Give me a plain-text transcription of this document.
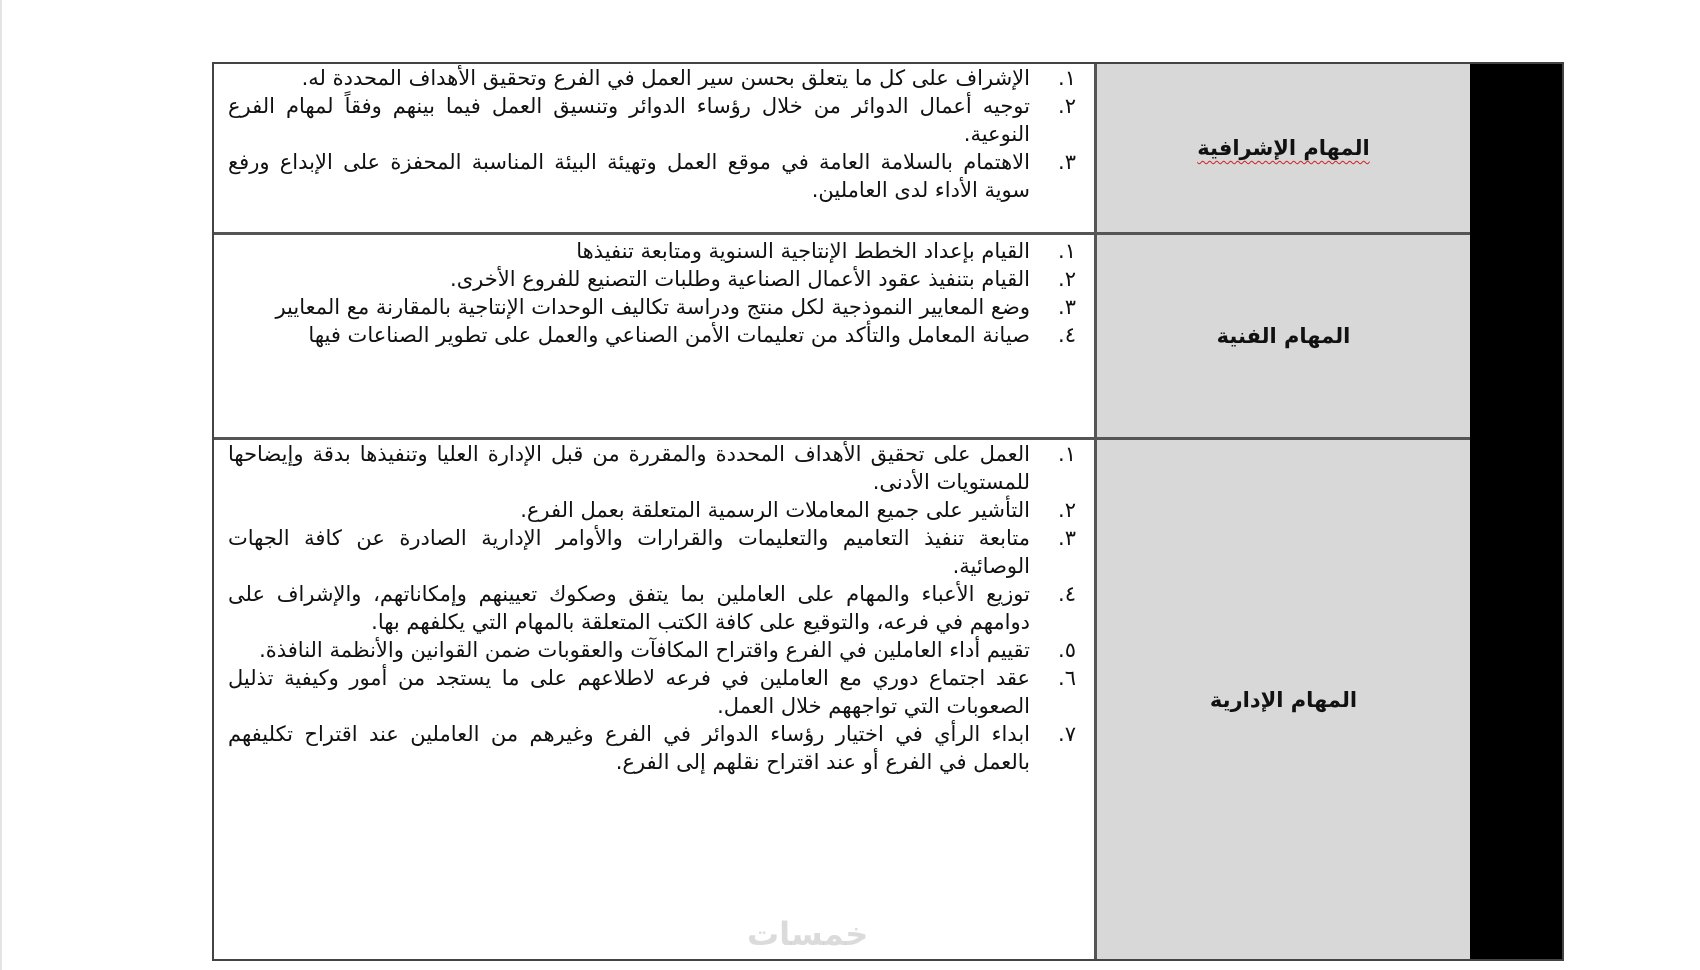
المهام الإشرافية
١.
الإشراف على كل ما يتعلق بحسن سير العمل في الفرع وتحقيق الأهداف المحددة له.
٢.
توجيه أعمال الدوائر من خلال رؤساء الدوائر وتنسيق العمل فيما بينهم وفقاً لمهام الفرع النوعية.
٣.
الاهتمام بالسلامة العامة في موقع العمل وتهيئة البيئة المناسبة المحفزة على الإبداع ورفع سوية الأداء لدى العاملين.
المهام الفنية
١.
القيام بإعداد الخطط الإنتاجية السنوية ومتابعة تنفيذها
٢.
القيام بتنفيذ عقود الأعمال الصناعية وطلبات التصنيع للفروع الأخرى.
٣.
وضع المعايير النموذجية لكل منتج ودراسة تكاليف الوحدات الإنتاجية بالمقارنة مع المعايير
٤.
صيانة المعامل والتأكد من تعليمات الأمن الصناعي والعمل على تطوير الصناعات فيها
المهام الإدارية
١.
العمل على تحقيق الأهداف المحددة والمقررة من قبل الإدارة العليا وتنفيذها بدقة وإيضاحها للمستويات الأدنى.
٢.
التأشير على جميع المعاملات الرسمية المتعلقة بعمل الفرع.
٣.
متابعة تنفيذ التعاميم والتعليمات والقرارات والأوامر الإدارية الصادرة عن كافة الجهات الوصائية.
٤.
توزيع الأعباء والمهام على العاملين بما يتفق وصكوك تعيينهم وإمكاناتهم، والإشراف على دوامهم في فرعه، والتوقيع على كافة الكتب المتعلقة بالمهام التي يكلفهم بها.
٥.
تقييم أداء العاملين في الفرع واقتراح المكافآت والعقوبات ضمن القوانين والأنظمة النافذة.
٦.
عقد اجتماع دوري مع العاملين في فرعه لاطلاعهم على ما يستجد من أمور وكيفية تذليل الصعوبات التي تواجههم خلال العمل.
٧.
ابداء الرأي في اختيار رؤساء الدوائر في الفرع وغيرهم من العاملين عند اقتراح تكليفهم بالعمل في الفرع أو عند اقتراح نقلهم إلى الفرع.
خمسات
